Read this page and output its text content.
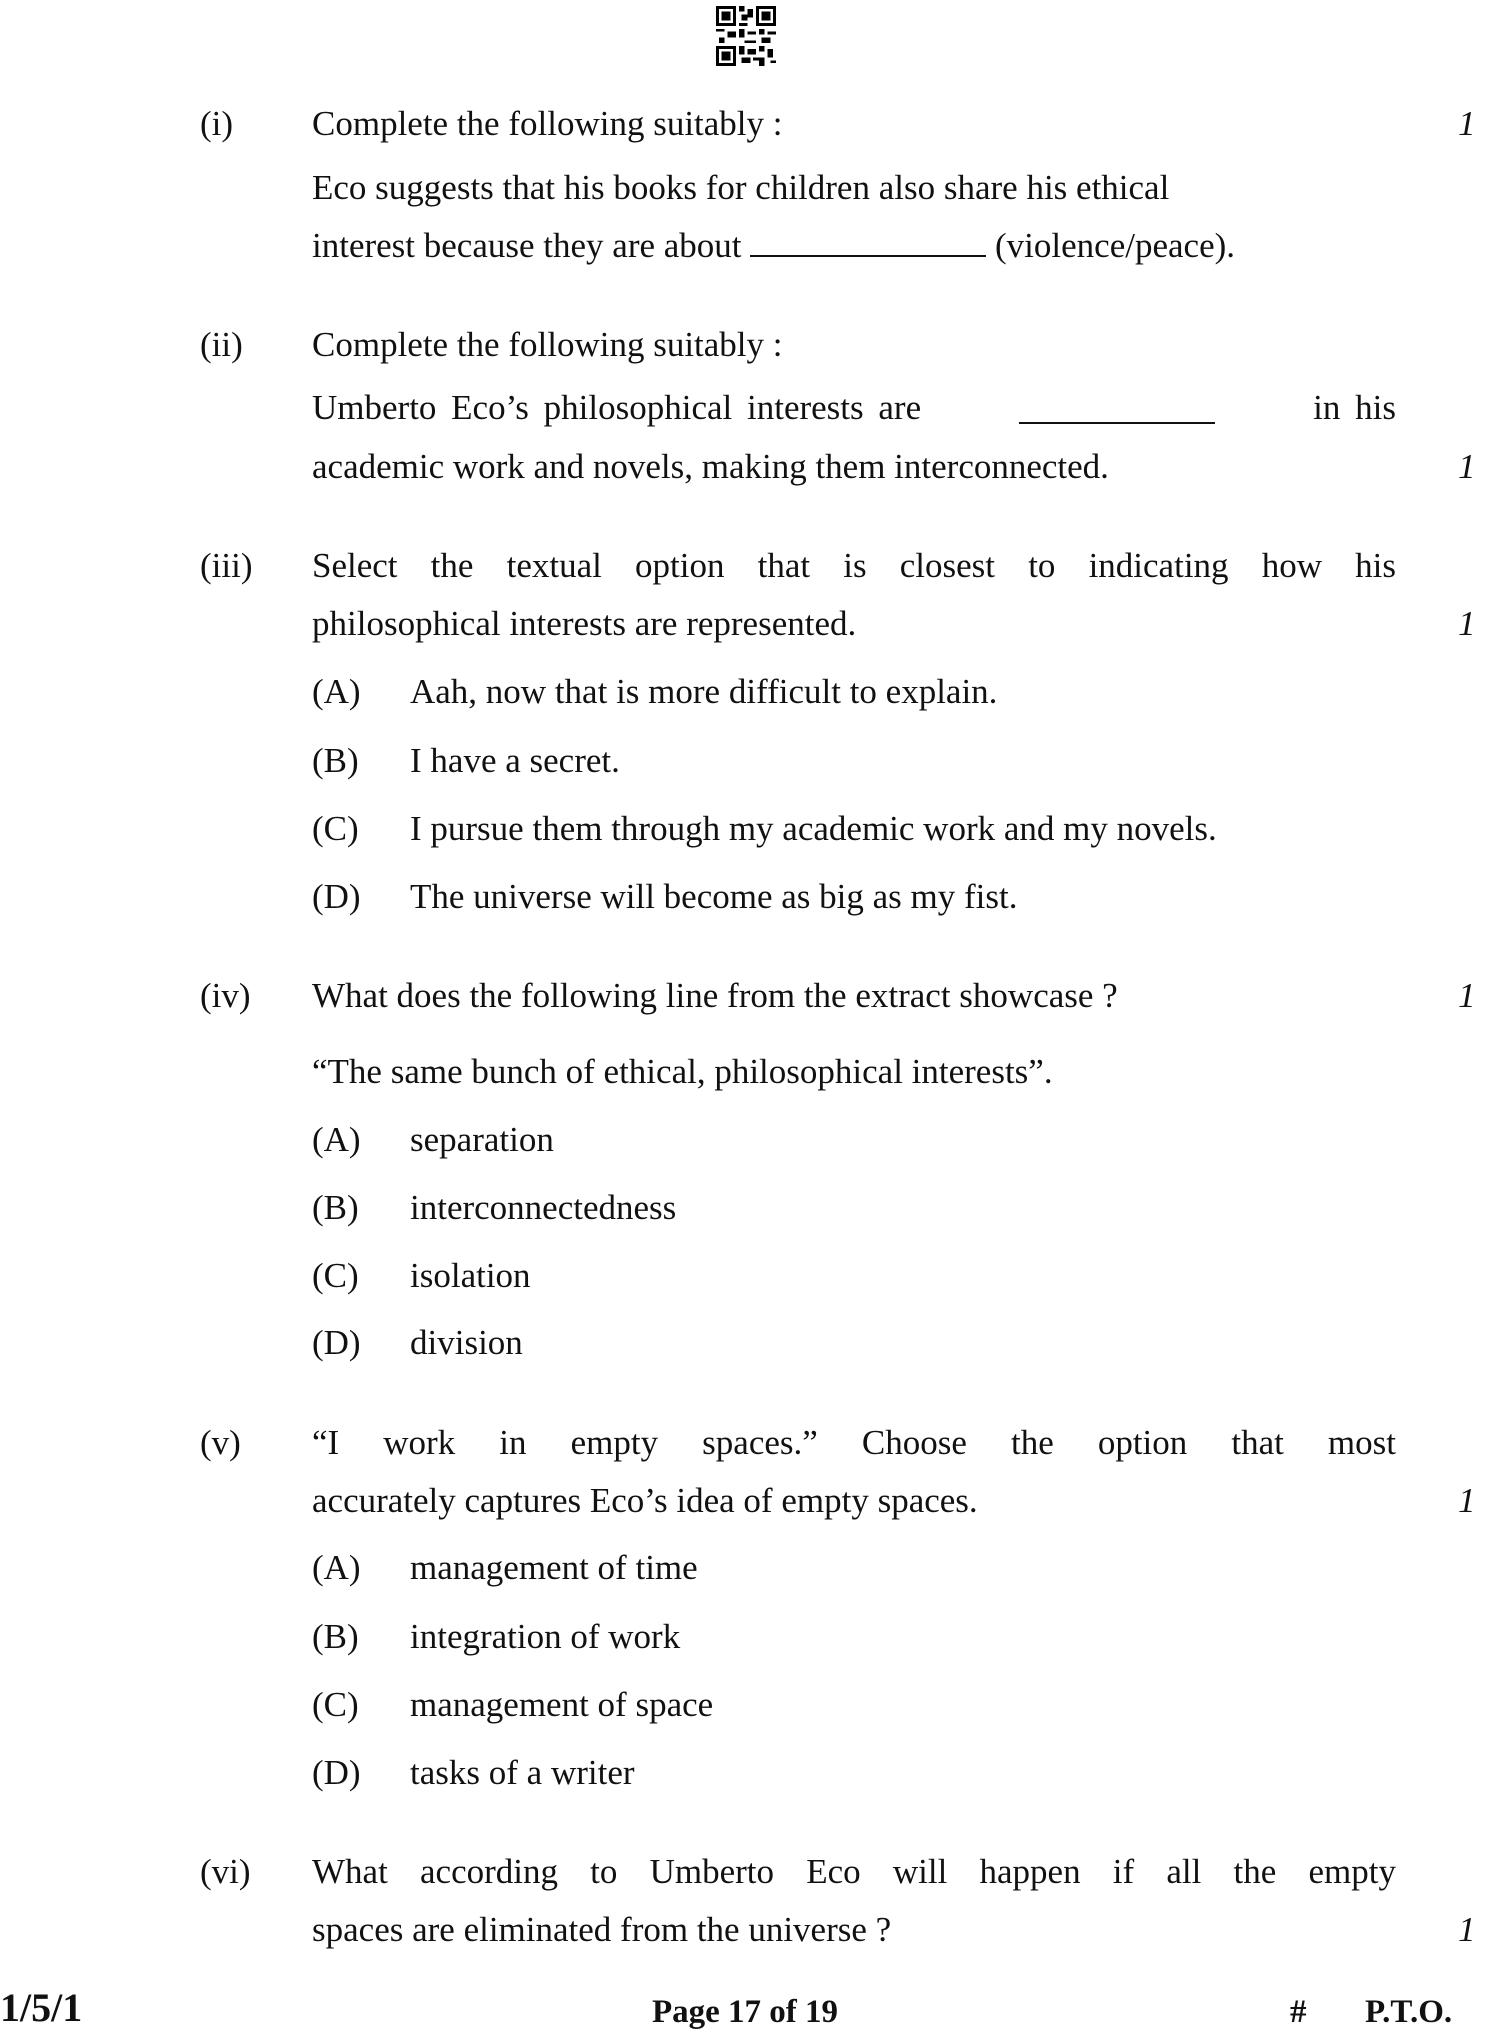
(i) Complete the following suitably :	1
Eco suggests that his books for children also share his ethical
interest because they are about	(violence/peace).
(ii) Complete the following suitably :
Umberto Eco’s philosophical interests are	in his
academic work and novels, making them interconnected.	1
(iii) Select the textual option that is closest to indicating how his
philosophical interests are represented.	1
(A) Aah, now that is more difficult to explain.
(B) I have a secret.
(C) I pursue them through my academic work and my novels.
(D) The universe will become as big as my fist.
(iv) What does the following line from the extract showcase ?	1
“The same bunch of ethical, philosophical interests”.
(A) separation
(B) interconnectedness
(C) isolation
(D) division
(v) “I work in empty spaces.” Choose the option that most
accurately captures Eco’s idea of empty spaces.	1
(A) management of time
(B) integration of work
(C) management of space
(D) tasks of a writer
(vi) What according to Umberto Eco will happen if all the empty
spaces are eliminated from the universe ?	1
1/5/1	Page 17 of 19	# P.T.O.
